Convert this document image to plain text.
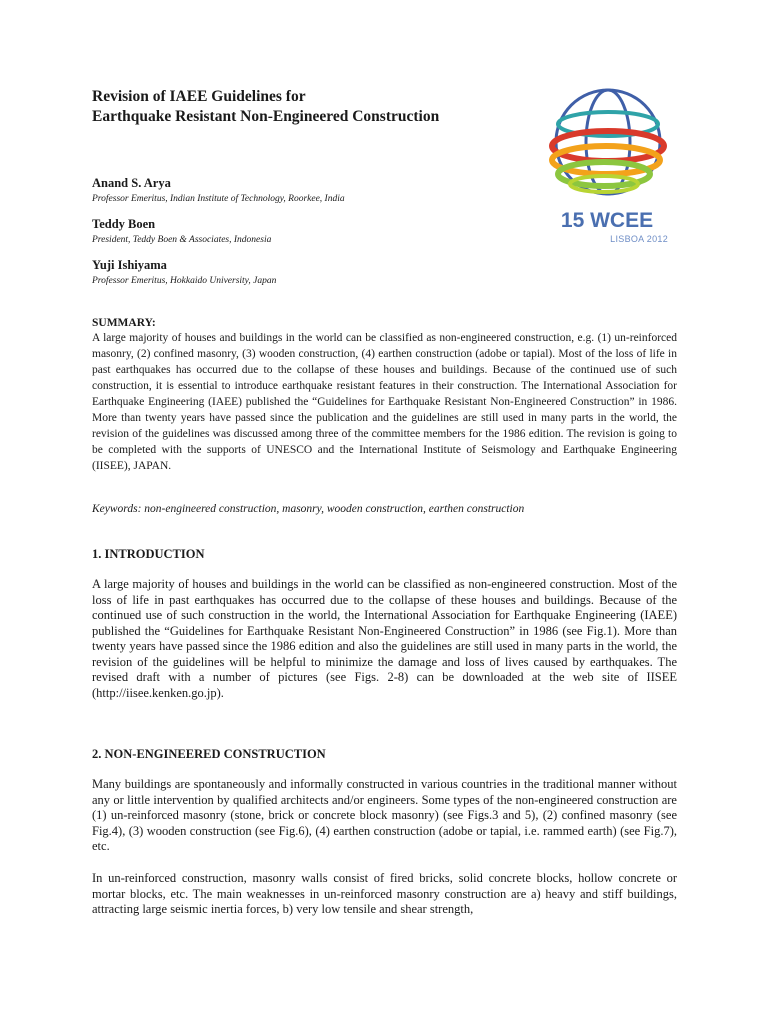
Revision of IAEE Guidelines for
Earthquake Resistant Non-Engineered Construction
Anand S. Arya
Professor Emeritus, Indian Institute of Technology, Roorkee, India
Teddy Boen
President, Teddy Boen & Associates, Indonesia
Yuji Ishiyama
Professor Emeritus, Hokkaido University, Japan
15 WCEE
LISBOA 2012
SUMMARY:

A large majority of houses and buildings in the world can be classified as non-engineered construction, e.g. (1) un-reinforced masonry, (2) confined masonry, (3) wooden construction, (4) earthen construction (adobe or tapial). Most of the loss of life in past earthquakes has occurred due to the collapse of these houses and buildings. Because of the continued use of such construction, it is essential to introduce earthquake resistant features in their construction. The International Association for Earthquake Engineering (IAEE) published the “Guidelines for Earthquake Resistant Non-Engineered Construction” in 1986. More than twenty years have passed since the publication and the guidelines are still used in many parts in the world, the revision of the guidelines was discussed among three of the committee members for the 1986 edition. The revision is going to be completed with the supports of UNESCO and the International Institute of Seismology and Earthquake Engineering (IISEE), JAPAN.

Keywords: non-engineered construction, masonry, wooden construction, earthen construction
1. INTRODUCTION

A large majority of houses and buildings in the world can be classified as non-engineered construction. Most of the loss of life in past earthquakes has occurred due to the collapse of these houses and buildings. Because of the continued use of such construction in the world, the International Association for Earthquake Engineering (IAEE) published the “Guidelines for Earthquake Resistant Non-Engineered Construction” in 1986 (see Fig.1). More than twenty years have passed since the 1986 edition and also the guidelines are still used in many parts in the world, the revision of the guidelines will be helpful to minimize the damage and loss of lives caused by earthquakes. The revised draft with a number of pictures (see Figs. 2-8) can be downloaded at the web site of IISEE (http://iisee.kenken.go.jp).

2. NON-ENGINEERED CONSTRUCTION

Many buildings are spontaneously and informally constructed in various countries in the traditional manner without any or little intervention by qualified architects and/or engineers. Some types of the non-engineered construction are (1) un-reinforced masonry (stone, brick or concrete block masonry) (see Figs.3 and 5), (2) confined masonry (see Fig.4), (3) wooden construction (see Fig.6), (4) earthen construction (adobe or tapial, i.e. rammed earth) (see Fig.7), etc.

In un-reinforced construction, masonry walls consist of fired bricks, solid concrete blocks, hollow concrete or mortar blocks, etc. The main weaknesses in un-reinforced masonry construction are a) heavy and stiff buildings, attracting large seismic inertia forces, b) very low tensile and shear strength,
